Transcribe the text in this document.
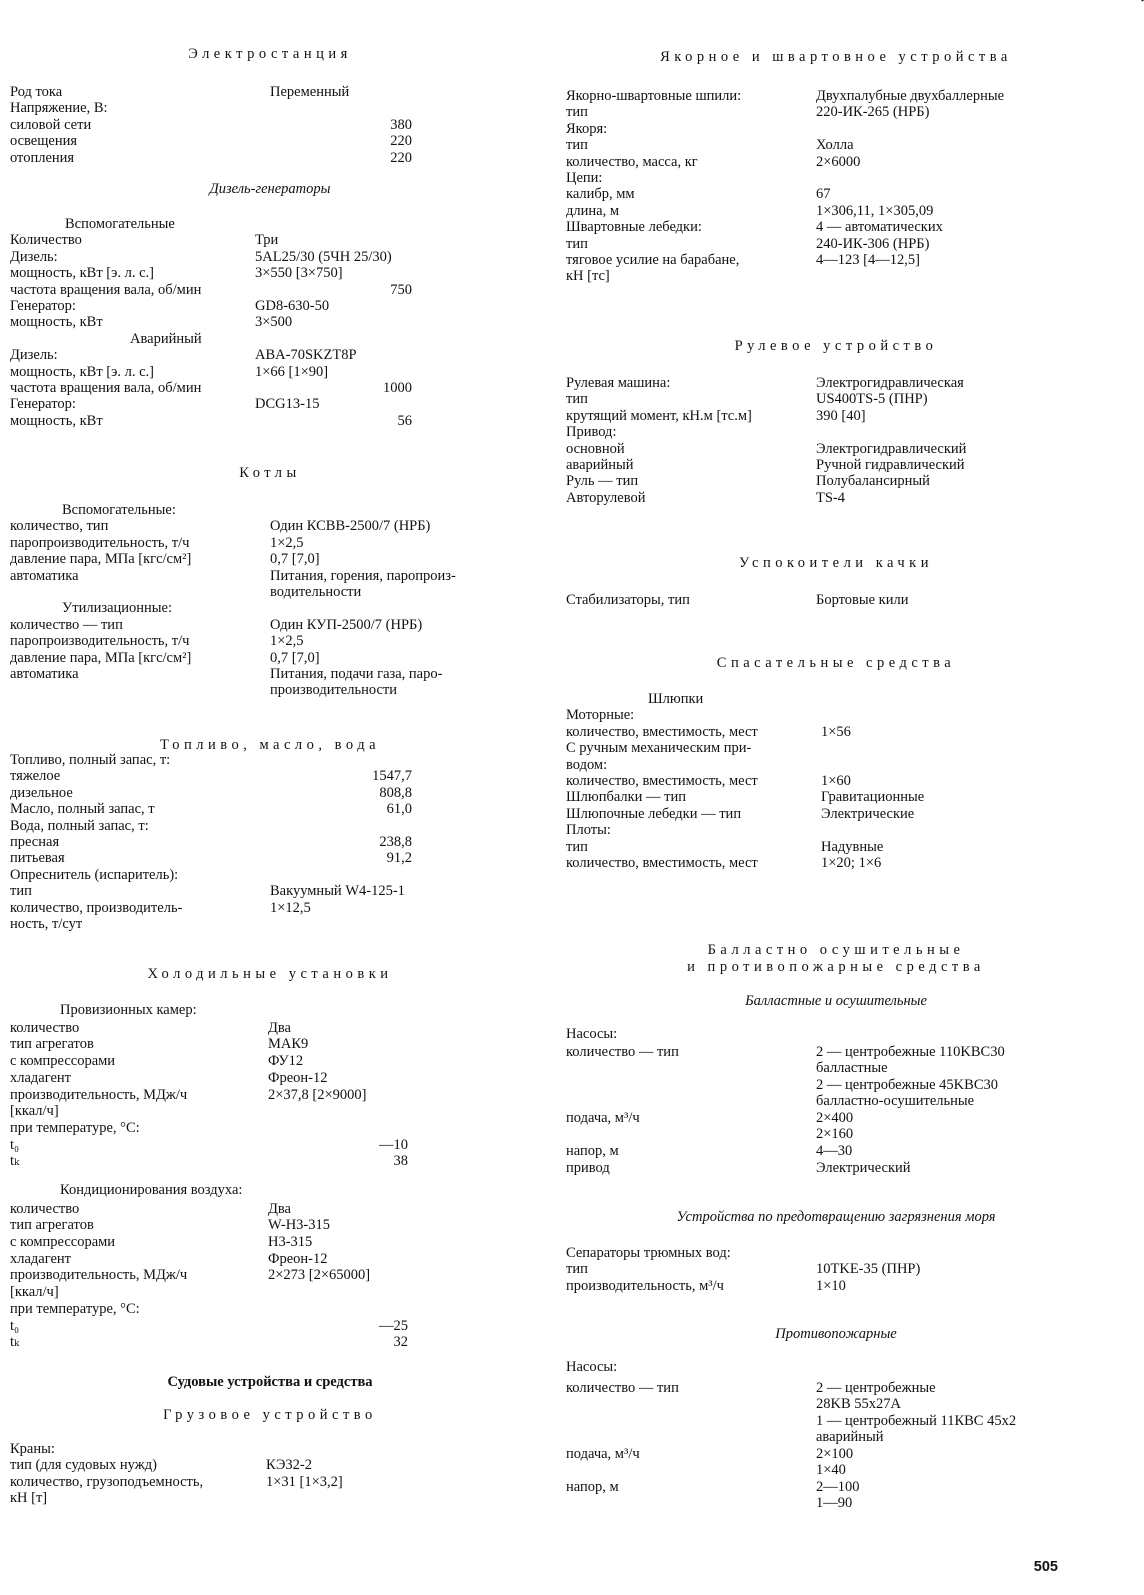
Электростанция
Род тока	Переменный
Напряжение, В:
силовой сети	380
освещения	220
отопления	220
Дизель-генераторы
Вспомогательные
Количество	Три
Дизель:	5AL25/30 (5ЧН 25/30)
мощность, кВт [э. л. с.]	3×550 [3×750]
частота вращения вала, об/мин	750
Генератор:	GD8-630-50
мощность, кВт	3×500
Аварийный
Дизель:	ABA-70SKZT8P
мощность, кВт [э. л. с.]	1×66 [1×90]
частота вращения вала, об/мин	1000
Генератор:	DCG13-15
мощность, кВт	56
Котлы
Вспомогательные:
количество, тип	Один КСВВ-2500/7 (НРБ)
паропроизводительность, т/ч	1×2,5
давление пара, МПа [кгс/см²]	0,7 [7,0]
автоматика	Питания, горения, паропроиз-
водительности
Утилизационные:
количество — тип	Один КУП-2500/7 (НРБ)
паропроизводительность, т/ч	1×2,5
давление пара, МПа [кгс/см²]	0,7 [7,0]
автоматика	Питания, подачи газа, паро-
производительности
Топливо, масло, вода
Топливо, полный запас, т:
тяжелое	1547,7
дизельное	808,8
Масло, полный запас, т	61,0
Вода, полный запас, т:
пресная	238,8
питьевая	91,2
Опреснитель (испаритель):
тип	Вакуумный W4-125-1
количество, производитель-	1×12,5
ность, т/сут
Холодильные установки
Провизионных камер:
количество	Два
тип агрегатов	МАК9
с компрессорами	ФУ12
хладагент	Фреон-12
производительность, МДж/ч	2×37,8 [2×9000]
[ккал/ч]
при температуре, °С:
t₀	—10
tₖ	38
Кондиционирования воздуха:
количество	Два
тип агрегатов	W-H3-315
с компрессорами	H3-315
хладагент	Фреон-12
производительность, МДж/ч	2×273 [2×65000]
[ккал/ч]
при температуре, °С:
t₀	—25
tₖ	32
Судовые устройства и средства
Грузовое устройство
Краны:
тип (для судовых нужд)	КЭ32-2
количество, грузоподъемность,	1×31 [1×3,2]
кН [т]
Якорное и швартовное устройства
Якорно-швартовные шпили:	Двухпалубные двухбаллерные
тип	220-ИК-265 (НРБ)
Якоря:
тип	Холла
количество, масса, кг	2×6000
Цепи:
калибр, мм	67
длина, м	1×306,11, 1×305,09
Швартовные лебедки:	4 — автоматических
тип	240-ИК-306 (НРБ)
тяговое усилие на барабане,	4—123 [4—12,5]
кН [тс]
Рулевое устройство
Рулевая машина:	Электрогидравлическая
тип	US400TS-5 (ПНР)
крутящий момент, кН.м [тс.м]	390 [40]
Привод:
основной	Электрогидравлический
аварийный	Ручной гидравлический
Руль — тип	Полубалансирный
Авторулевой	TS-4
Успокоители качки
Стабилизаторы, тип	Бортовые кили
Спасательные средства
Шлюпки
Моторные:
количество, вместимость, мест	1×56
С ручным механическим при-
водом:
количество, вместимость, мест	1×60
Шлюпбалки — тип	Гравитационные
Шлюпочные лебедки — тип	Электрические
Плоты:
тип	Надувные
количество, вместимость, мест	1×20; 1×6
Балластно осушительные
и противопожарные средства
Балластные и осушительные
Насосы:
количество — тип	2 — центробежные 110KBC30
балластные
2 — центробежные 45KBC30
балластно-осушительные
подача, м³/ч	2×400
2×160
напор, м	4—30
привод	Электрический
Устройства по предотвращению загрязнения моря
Сепараторы трюмных вод:
тип	10TKE-35 (ПНР)
производительность, м³/ч	1×10
Противопожарные
Насосы:
количество — тип	2 — центробежные
28KB 55x27A
1 — центробежный 11КВС 45x2
аварийный
подача, м³/ч	2×100
1×40
напор, м	2—100
1—90
505
